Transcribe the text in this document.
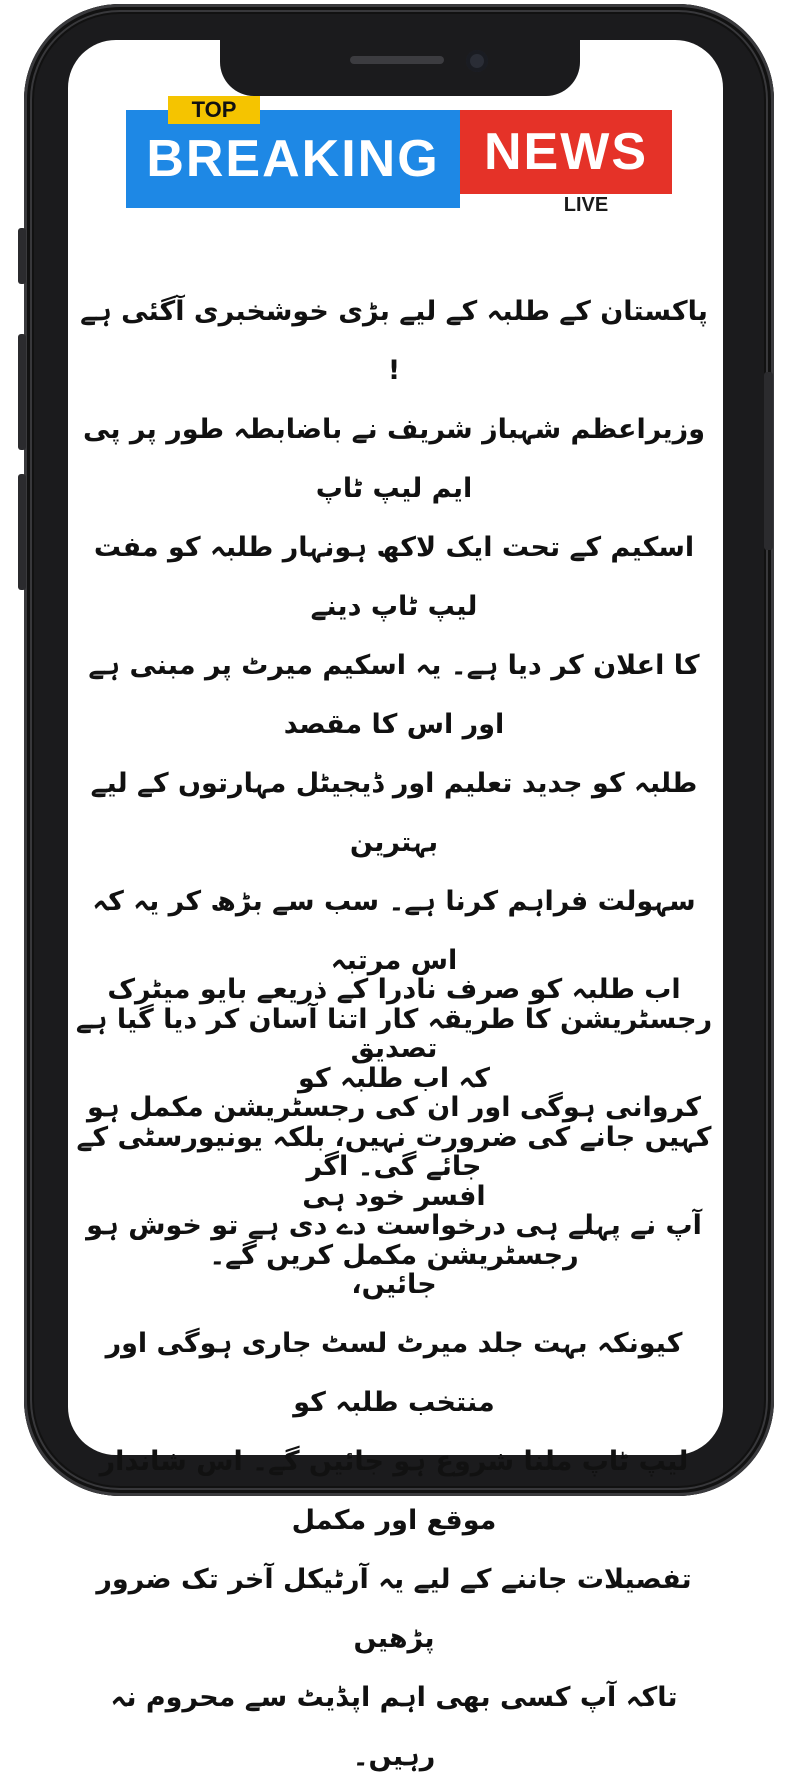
BREAKING NEWS
TOP
LIVE

پاکستان کے طلبہ کے لیے بڑی خوشخبری آگئی ہے !

وزیراعظم شہباز شریف نے باضابطہ طور پر پی ایم لیپ ٹاپ

اسکیم کے تحت ایک لاکھ ہونہار طلبہ کو مفت لیپ ٹاپ دینے

کا اعلان کر دیا ہے۔ یہ اسکیم میرٹ پر مبنی ہے اور اس کا مقصد

طلبہ کو جدید تعلیم اور ڈیجیٹل مہارتوں کے لیے بہترین

سہولت فراہم کرنا ہے۔ سب سے بڑھ کر یہ کہ اس مرتبہ

رجسٹریشن کا طریقہ کار اتنا آسان کر دیا گیا ہے کہ اب طلبہ کو

کہیں جانے کی ضرورت نہیں، بلکہ یونیورسٹی کے افسر خود ہی

رجسٹریشن مکمل کریں گے۔

اب طلبہ کو صرف نادرا کے ذریعے بایو میٹرک تصدیق

کروانی ہوگی اور ان کی رجسٹریشن مکمل ہو جائے گی۔ اگر

آپ نے پہلے ہی درخواست دے دی ہے تو خوش ہو جائیں،

کیونکہ بہت جلد میرٹ لسٹ جاری ہوگی اور منتخب طلبہ کو

لیپ ٹاپ ملنا شروع ہو جائیں گے۔ اس شاندار موقع اور مکمل

تفصیلات جاننے کے لیے یہ آرٹیکل آخر تک ضرور پڑھیں

تاکہ آپ کسی بھی اہم اپڈیٹ سے محروم نہ رہیں۔
